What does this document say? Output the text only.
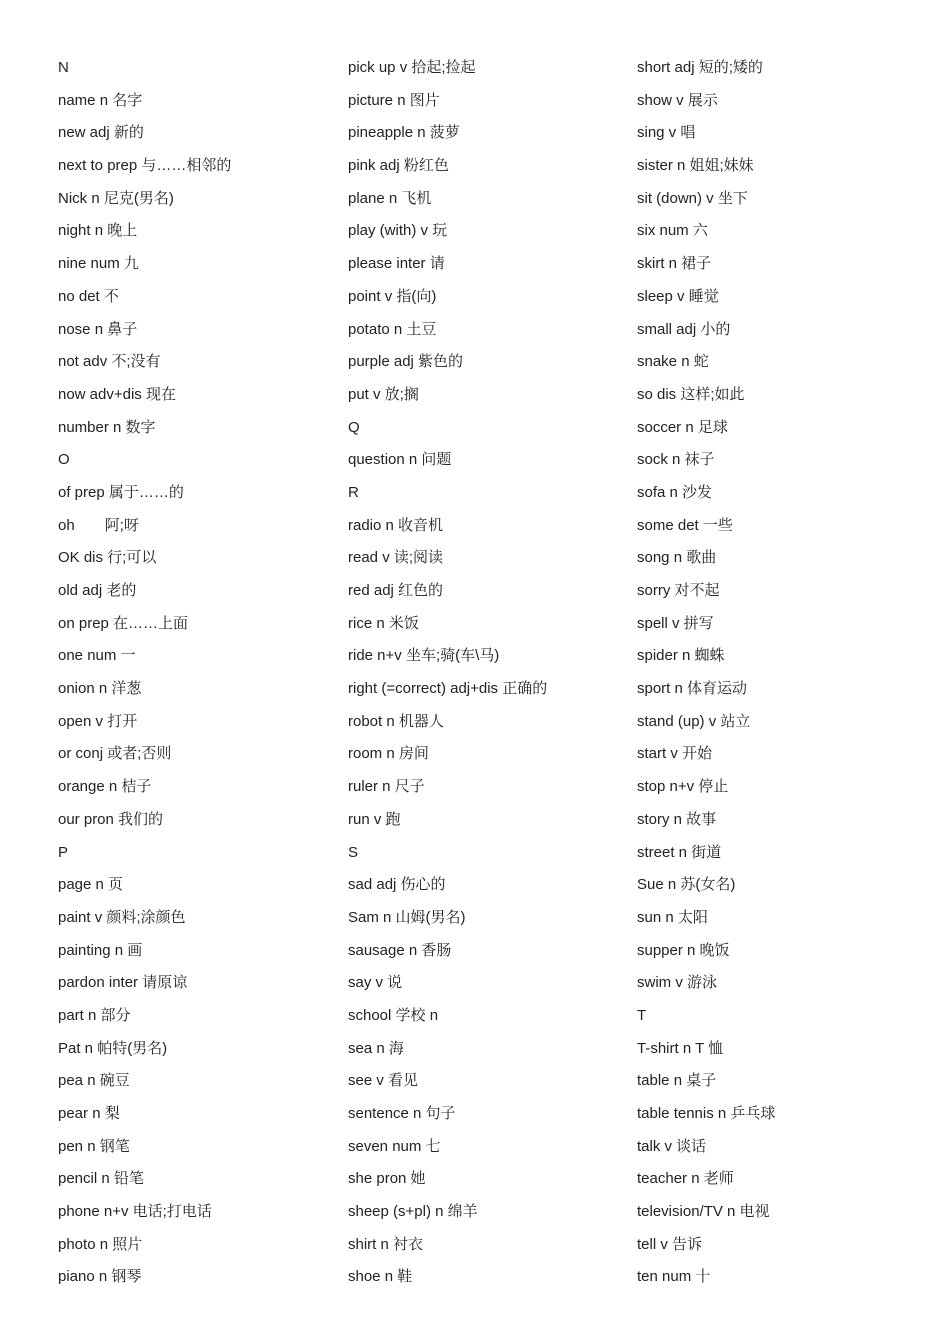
N
name n 名字
new adj 新的
next to prep 与……相邻的
Nick n 尼克(男名)
night n 晚上
nine num 九
no det 不
nose n 鼻子
not adv 不;没有
now adv+dis 现在
number n 数字
O
of prep 属于……的
oh　　阿;呀
OK dis 行;可以
old adj 老的
on prep 在……上面
one num 一
onion n 洋葱
open v 打开
or conj 或者;否则
orange n 桔子
our pron 我们的
P
page n 页
paint v 颜料;涂颜色
painting n 画
pardon inter 请原谅
part n 部分
Pat n 帕特(男名)
pea n 碗豆
pear n 梨
pen n 钢笔
pencil n 铅笔
phone n+v 电话;打电话
photo n 照片
piano n 钢琴
pick up v 拾起;捡起
picture n 图片
pineapple n 菠萝
pink adj 粉红色
plane n 飞机
play (with) v 玩
please inter 请
point v 指(向)
potato n 土豆
purple adj 紫色的
put v 放;搁
Q
question n 问题
R
radio n 收音机
read v 读;阅读
red adj 红色的
rice n 米饭
ride n+v 坐车;骑(车\马)
right (=correct) adj+dis 正确的
robot n 机器人
room n 房间
ruler n 尺子
run v 跑
S
sad adj 伤心的
Sam n 山姆(男名)
sausage n 香肠
say v 说
school 学校 n
sea n 海
see v 看见
sentence n 句子
seven num 七
she pron 她
sheep (s+pl) n 绵羊
shirt n 衬衣
shoe n 鞋
short adj 短的;矮的
show v 展示
sing v 唱
sister n 姐姐;妹妹
sit (down) v 坐下
six num 六
skirt n 裙子
sleep v 睡觉
small adj 小的
snake n 蛇
so dis 这样;如此
soccer n 足球
sock n 袜子
sofa n 沙发
some det 一些
song n 歌曲
sorry 对不起
spell v 拼写
spider n 蜘蛛
sport n 体育运动
stand (up) v 站立
start v 开始
stop n+v 停止
story n 故事
street n 街道
Sue n 苏(女名)
sun n 太阳
supper n 晚饭
swim v 游泳
T
T-shirt n T 恤
table n 桌子
table tennis n 乒乓球
talk v 谈话
teacher n 老师
television/TV n 电视
tell v 告诉
ten num 十
